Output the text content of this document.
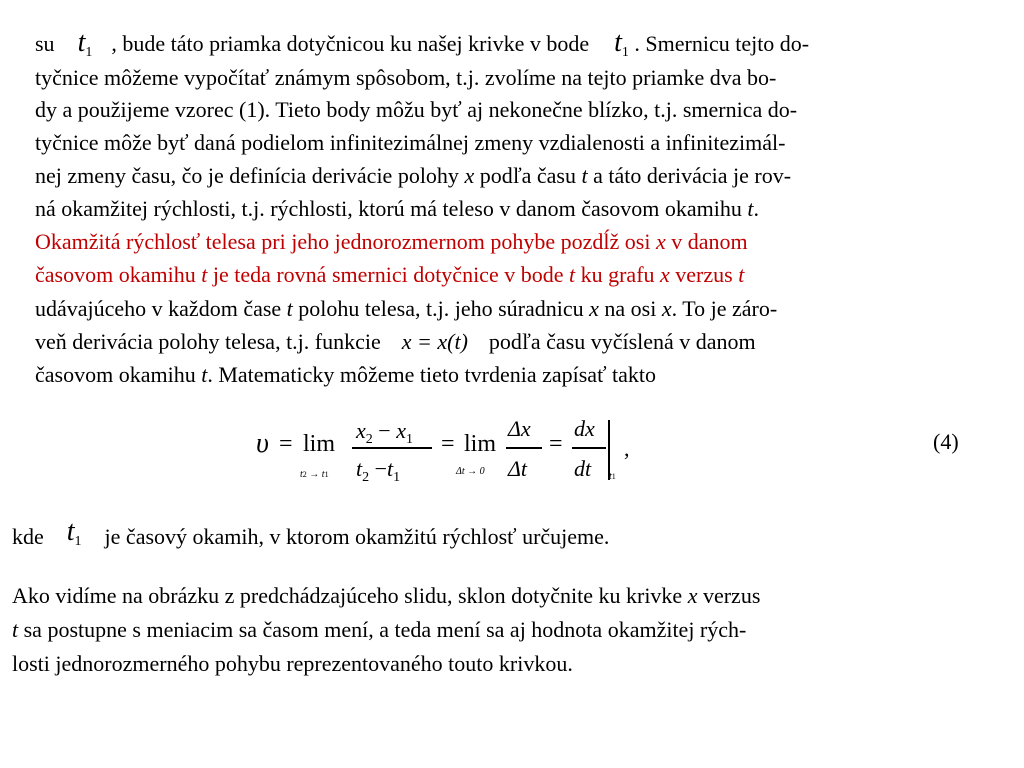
su t1 , bude táto priamka dotyčnicou ku našej krivke v bode t1 . Smernicu tejto do-
tyčnice môžeme vypočítať známym spôsobom, t.j. zvolíme na tejto priamke dva bo-
dy a použijeme vzorec (1). Tieto body môžu byť aj nekonečne blízko, t.j. smernica do-
tyčnice môže byť daná podielom infinitezimálnej zmeny vzdialenosti a infinitezimál-
nej zmeny času, čo je definícia derivácie polohy x podľa času t a táto derivácia je rov-
ná okamžitej rýchlosti, t.j. rýchlosti, ktorú má teleso v danom časovom okamihu t.
Okamžitá rýchlosť telesa pri jeho jednorozmernom pohybe pozdĺž osi x v danom
časovom okamihu t je teda rovná smernici dotyčnice v bode t ku grafu x verzus t
udávajúceho v každom čase t polohu telesa, t.j. jeho súradnicu x na osi x. To je záro-
veň derivácia polohy telesa, t.j. funkcie x = x(t) podľa času vyčíslená v danom
časovom okamihu t. Matematicky môžeme tieto tvrdenia zapísať takto
υ = lim
t2 → t1
$x_2 - x_1$
$t_2 -t_1$
= lim
Δt → 0
Δx
Δt
=
dx
dt t1
,	(4)
kde t1 je časový okamih, v ktorom okamžitú rýchlosť určujeme.
Ako vidíme na obrázku z predchádzajúceho slidu, sklon dotyčnite ku krivke x verzus
t sa postupne s meniacim sa časom mení, a teda mení sa aj hodnota okamžitej rých-
losti jednorozmerného pohybu reprezentovaného touto krivkou.
